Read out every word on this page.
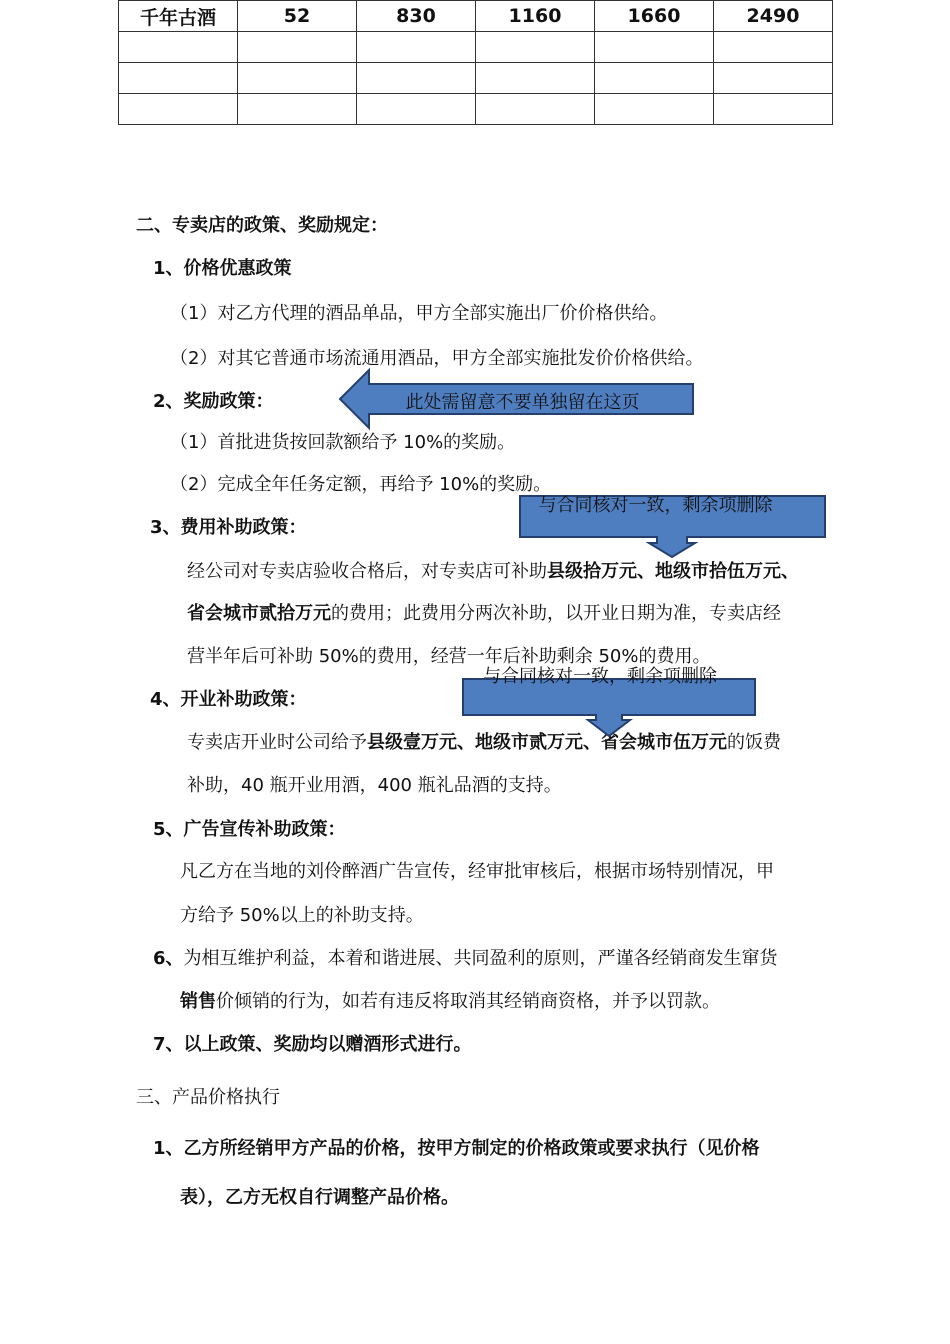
千年古酒	52	830	1160	1660	2490

二、专卖店的政策、奖励规定：
1、价格优惠政策
（1）对乙方代理的酒品单品，甲方全部实施出厂价价格供给。
（2）对其它普通市场流通用酒品，甲方全部实施批发价价格供给。
2、奖励政策：
（1）首批进货按回款额给予 10%的奖励。
（2）完成全年任务定额，再给予 10%的奖励。
3、费用补助政策：
经公司对专卖店验收合格后，对专卖店可补助县级拾万元、地级市拾伍万元、
省会城市贰拾万元的费用；此费用分两次补助，以开业日期为准，专卖店经
营半年后可补助 50%的费用，经营一年后补助剩余 50%的费用。
4、开业补助政策：
专卖店开业时公司给予县级壹万元、地级市贰万元、省会城市伍万元的饭费
补助，40 瓶开业用酒，400 瓶礼品酒的支持。
5、广告宣传补助政策：
凡乙方在当地的刘伶醉酒广告宣传，经审批审核后，根据市场特别情况，甲
方给予 50%以上的补助支持。
6、为相互维护利益，本着和谐进展、共同盈利的原则，严谨各经销商发生窜货
销售价倾销的行为，如若有违反将取消其经销商资格，并予以罚款。
7、以上政策、奖励均以赠酒形式进行。
三、产品价格执行
1、乙方所经销甲方产品的价格，按甲方制定的价格政策或要求执行（见价格
表），乙方无权自行调整产品价格。
此处需留意不要单独留在这页
与合同核对一致，剩余项删除
与合同核对一致，剩余项删除
